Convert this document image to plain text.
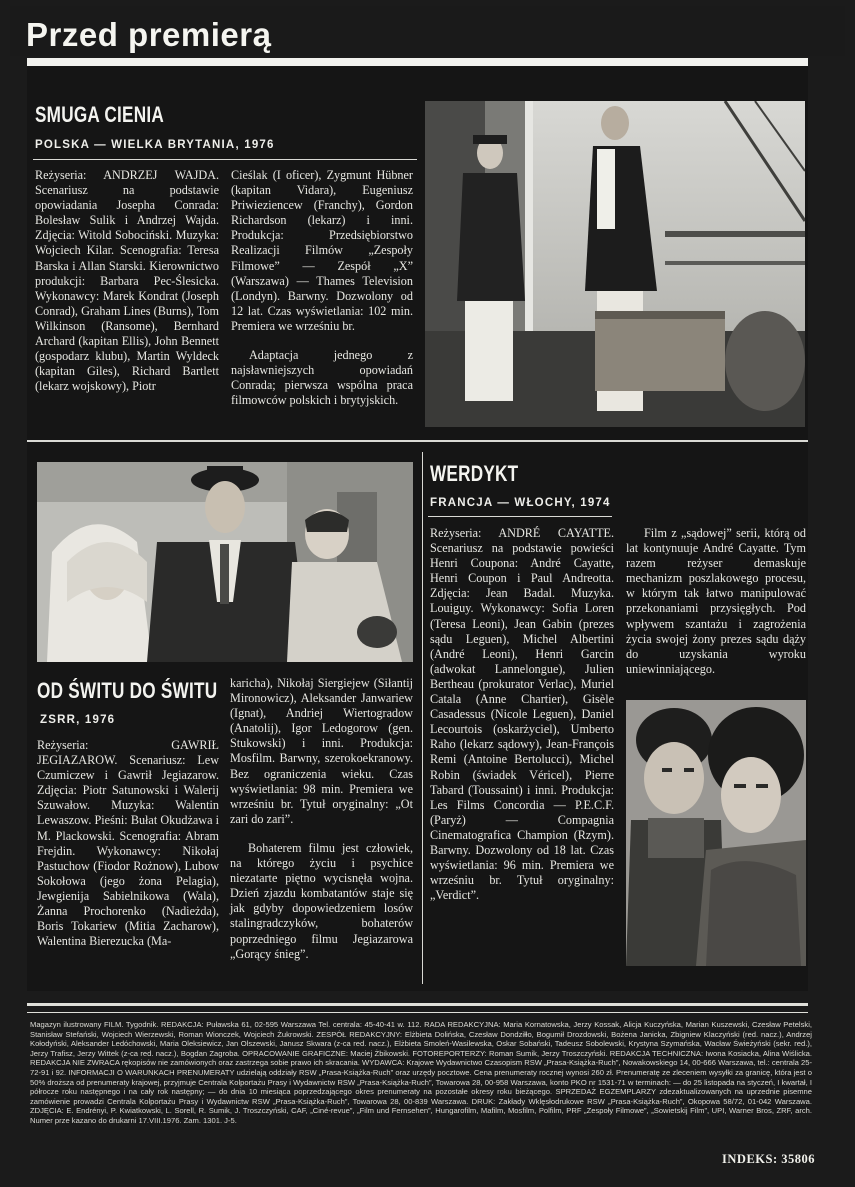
Przed premierą
SMUGA CIENIA
POLSKA — WIELKA BRYTANIA, 1976

Reżyseria: ANDRZEJ WAJDA. Scenariusz na podstawie opowiadania Josepha Conrada: Bolesław Sulik i Andrzej Wajda. Zdjęcia: Witold Sobociński. Muzyka: Wojciech Kilar. Scenografia: Teresa Barska i Allan Starski. Kierownictwo produkcji: Barbara Pec-Ślesicka. Wykonawcy: Marek Kondrat (Joseph Conrad), Graham Lines (Burns), Tom Wilkinson (Ransome), Bernhard Archard (kapitan Ellis), John Bennett (gospodarz klubu), Martin Wyldeck (kapitan Giles), Richard Bartlett (lekarz wojskowy), Piotr

Cieślak (I oficer), Zygmunt Hübner (kapitan Vidara), Eugeniusz Priwieziencew (Franchy), Gordon Richardson (lekarz) i inni. Produkcja: Przedsiębiorstwo Realizacji Filmów „Zespoły Filmowe” — Zespół „X” (Warszawa) — Thames Television (Londyn). Barwny. Dozwolony od 12 lat. Czas wyświetlania: 102 min. Premiera we wrześniu br.

Adaptacja jednego z najsławniejszych opowiadań Conrada; pierwsza wspólna praca filmowców polskich i brytyjskich.

OD ŚWITU DO ŚWITU
ZSRR, 1976

Reżyseria: GAWRIŁ JEGIAZAROW. Scenariusz: Lew Czumiczew i Gawrił Jegiazarow. Zdjęcia: Piotr Satunowski i Walerij Szuwałow. Muzyka: Walentin Lewaszow. Pieśni: Bułat Okudżawa i M. Plackowski. Scenografia: Abram Frejdin. Wykonawcy: Nikołaj Pastuchow (Fiodor Rożnow), Lubow Sokołowa (jego żona Pelagia), Jewgienija Sabielnikowa (Wala), Żanna Prochorenko (Nadieżda), Boris Tokariew (Mitia Zacharow), Walentina Bierezucka (Ma-

karicha), Nikołaj Siergiejew (Siłantij Mironowicz), Aleksander Janwariew (Ignat), Andriej Wiertogradow (Anatolij), Igor Ledogorow (gen. Stukowski) i inni. Produkcja: Mosfilm. Barwny, szerokoekranowy. Bez ograniczenia wieku. Czas wyświetlania: 98 min. Premiera we wrześniu br. Tytuł oryginalny: „Ot zari do zari”.

Bohaterem filmu jest człowiek, na którego życiu i psychice niezatarte piętno wycisnęła wojna. Dzień zjazdu kombatantów staje się jak gdyby dopowiedzeniem losów stalingradczyków, bohaterów poprzedniego filmu Jegiazarowa „Gorący śnieg”.

WERDYKT
FRANCJA — WŁOCHY, 1974

Reżyseria: ANDRÉ CAYATTE. Scenariusz na podstawie powieści Henri Coupona: André Cayatte, Henri Coupon i Paul Andreotta. Zdjęcia: Jean Badal. Muzyka. Louiguy. Wykonawcy: Sofia Loren (Teresa Leoni), Jean Gabin (prezes sądu Leguen), Michel Albertini (André Leoni), Henri Garcin (adwokat Lannelongue), Julien Bertheau (prokurator Verlac), Muriel Catala (Anne Chartier), Gisèle Casadessus (Nicole Leguen), Daniel Lecourtois (oskarżyciel), Umberto Raho (lekarz sądowy), Jean-François Remi (Antoine Bertolucci), Michel Robin (świadek Véricel), Pierre Tabard (Toussaint) i inni. Produkcja: Les Films Concordia — P.E.C.F. (Paryż) — Compagnia Cinematografica Champion (Rzym). Barwny. Dozwolony od 18 lat. Czas wyświetlania: 96 min. Premiera we wrześniu br. Tytuł oryginalny: „Verdict”.

Film z „sądowej” serii, którą od lat kontynuuje André Cayatte. Tym razem reżyser demaskuje mechanizm poszlakowego procesu, w którym tak łatwo manipulować przekonaniami przysięgłych. Pod wpływem szantażu i zagrożenia życia swojej żony prezes sądu dąży do uzyskania wyroku uniewinniającego.

Magazyn ilustrowany FILM. Tygodnik. REDAKCJA: Puławska 61, 02-595 Warszawa Tel. centrala: 45-40-41 w. 112. RADA REDAKCYJNA: Maria Kornatowska, Jerzy Kossak, Alicja Kuczyńska, Marian Kuszewski, Czesław Petelski, Stanisław Stefański, Wojciech Wierzewski, Roman Wionczek, Wojciech Żukrowski. ZESPÓŁ REDAKCYJNY: Elżbieta Dolińska, Czesław Dondziłło, Bogumił Drozdowski, Bożena Janicka, Zbigniew Klaczyński (red. nacz.), Andrzej Kołodyński, Aleksander Ledóchowski, Maria Oleksiewicz, Jan Olszewski, Janusz Skwara (z-ca red. nacz.), Elżbieta Smoleń-Wasilewska, Oskar Sobański, Tadeusz Sobolewski, Krystyna Szymańska, Wacław Świeżyński (sekr. red.), Jerzy Trafisz, Jerzy Wittek (z-ca red. nacz.), Bogdan Zagroba. OPRACOWANIE GRAFICZNE: Maciej Żbikowski. FOTOREPORTERZY: Roman Sumik, Jerzy Troszczyński. REDAKCJA TECHNICZNA: Iwona Kosiacka, Alina Wiślicka. REDAKCJA NIE ZWRACA rękopisów nie zamówionych oraz zastrzega sobie prawo ich skracania. WYDAWCA: Krajowe Wydawnictwo Czasopism RSW „Prasa-Książka-Ruch”, Nowakowskiego 14, 00-666 Warszawa, tel.: centrala 25-72-91 i 92. INFORMACJI O WARUNKACH PRENUMERATY udzielają oddziały RSW „Prasa-Książka-Ruch” oraz urzędy pocztowe. Cena prenumeraty rocznej wynosi 260 zł. Prenumeratę ze zleceniem wysyłki za granicę, która jest o 50% droższa od prenumeraty krajowej, przyjmuje Centrala Kolportażu Prasy i Wydawnictw RSW „Prasa-Książka-Ruch”, Towarowa 28, 00-958 Warszawa, konto PKO nr 1531-71 w terminach: — do 25 listopada na styczeń, I kwartał, I półrocze roku następnego i na cały rok następny; — do dnia 10 miesiąca poprzedzającego okres prenumeraty na pozostałe okresy roku bieżącego. SPRZEDAŻ EGZEMPLARZY zdezaktualizowanych na uprzednie pisemne zamówienie prowadzi Centrala Kolportażu Prasy i Wydawnictw RSW „Prasa-Książka-Ruch”, Towarowa 28, 00-839 Warszawa. DRUK: Zakłady Wklęsłodrukowe RSW „Prasa-Książka-Ruch”, Okopowa 58/72, 01-042 Warszawa. ZDJĘCIA: E. Endrényi, P. Kwiatkowski, L. Sorell, R. Sumik, J. Troszczyński, CAF, „Ciné-revue”, „Film und Fernsehen”, Hungarofilm, Mafilm, Mosfilm, Polfilm, PRF „Zespoły Filmowe”, „Sowietskij Film”, UPI, Warner Bros, ZRF, arch. Numer prze kazano do drukarni 17.VIII.1976. Zam. 1301. J-5.
INDEKS: 35806
